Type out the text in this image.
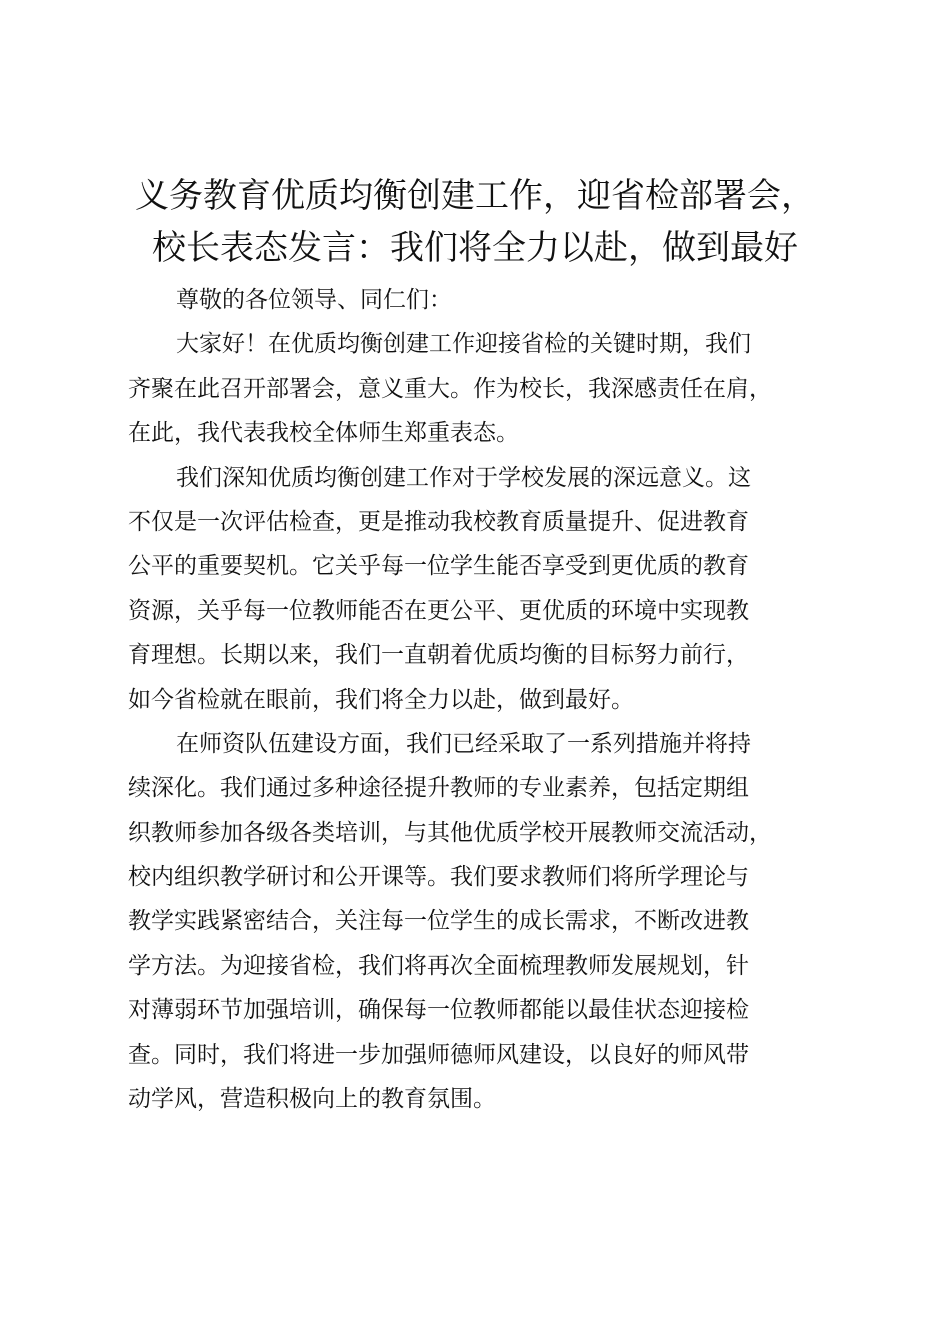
义务教育优质均衡创建工作，迎省检部署会，
校长表态发言：我们将全力以赴，做到最好
尊敬的各位领导、同仁们：
大家好！在优质均衡创建工作迎接省检的关键时期，我们
齐聚在此召开部署会，意义重大。作为校长，我深感责任在肩，
在此，我代表我校全体师生郑重表态。
我们深知优质均衡创建工作对于学校发展的深远意义。这
不仅是一次评估检查，更是推动我校教育质量提升、促进教育
公平的重要契机。它关乎每一位学生能否享受到更优质的教育
资源，关乎每一位教师能否在更公平、更优质的环境中实现教
育理想。长期以来，我们一直朝着优质均衡的目标努力前行，
如今省检就在眼前，我们将全力以赴，做到最好。
在师资队伍建设方面，我们已经采取了一系列措施并将持
续深化。我们通过多种途径提升教师的专业素养，包括定期组
织教师参加各级各类培训，与其他优质学校开展教师交流活动，
校内组织教学研讨和公开课等。我们要求教师们将所学理论与
教学实践紧密结合，关注每一位学生的成长需求，不断改进教
学方法。为迎接省检，我们将再次全面梳理教师发展规划，针
对薄弱环节加强培训，确保每一位教师都能以最佳状态迎接检
查。同时，我们将进一步加强师德师风建设，以良好的师风带
动学风，营造积极向上的教育氛围。
